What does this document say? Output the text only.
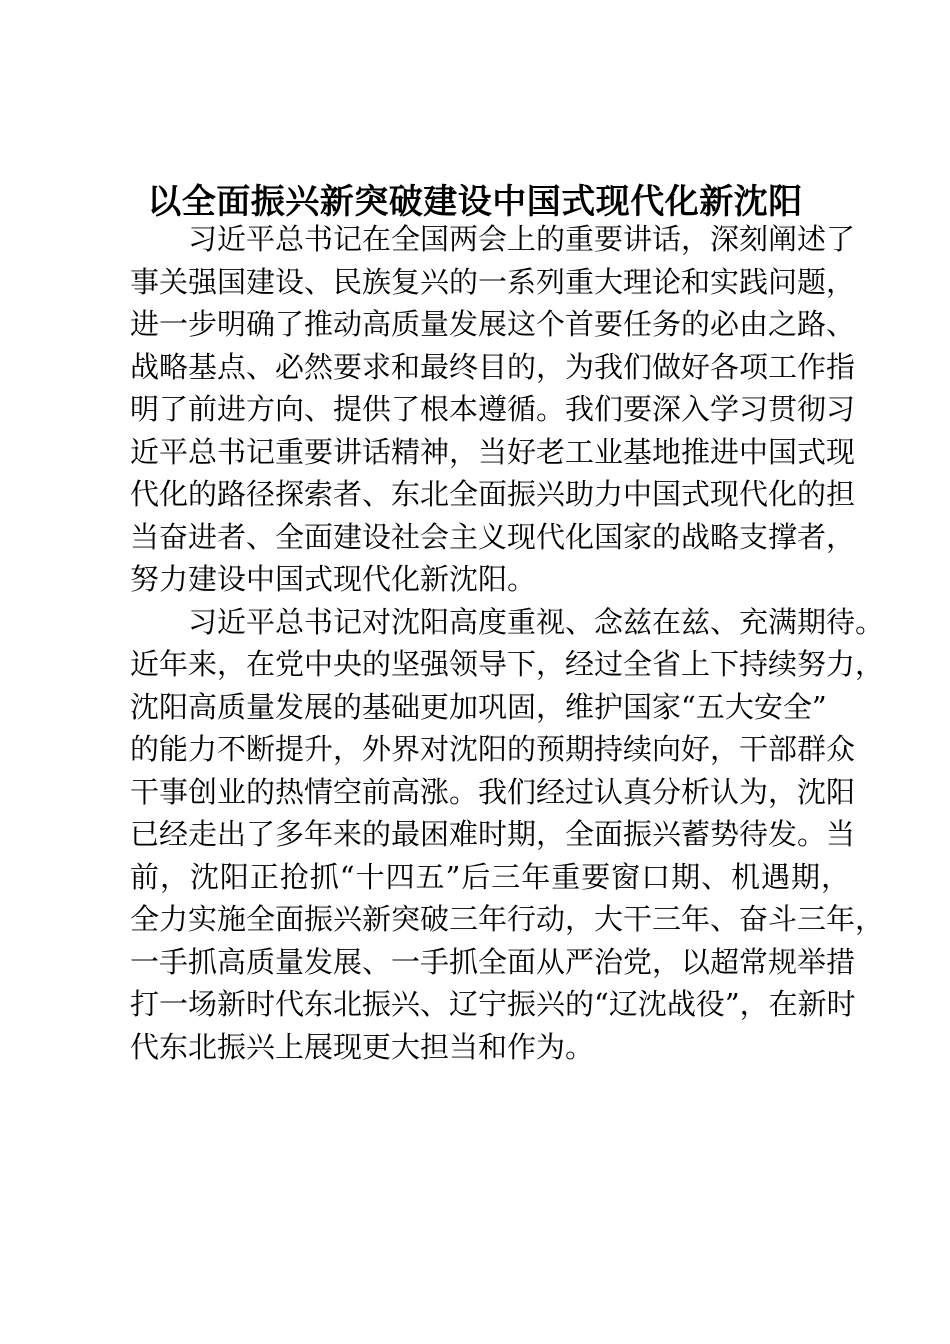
以全面振兴新突破建设中国式现代化新沈阳

习近平总书记在全国两会上的重要讲话，深刻阐述了
事关强国建设、民族复兴的一系列重大理论和实践问题，
进一步明确了推动高质量发展这个首要任务的必由之路、
战略基点、必然要求和最终目的，为我们做好各项工作指
明了前进方向、提供了根本遵循。我们要深入学习贯彻习
近平总书记重要讲话精神，当好老工业基地推进中国式现
代化的路径探索者、东北全面振兴助力中国式现代化的担
当奋进者、全面建设社会主义现代化国家的战略支撑者，
努力建设中国式现代化新沈阳。

习近平总书记对沈阳高度重视、念兹在兹、充满期待。
近年来，在党中央的坚强领导下，经过全省上下持续努力，
沈阳高质量发展的基础更加巩固，维护国家“五大安全”
的能力不断提升，外界对沈阳的预期持续向好，干部群众
干事创业的热情空前高涨。我们经过认真分析认为，沈阳
已经走出了多年来的最困难时期，全面振兴蓄势待发。当
前，沈阳正抢抓“十四五”后三年重要窗口期、机遇期，
全力实施全面振兴新突破三年行动，大干三年、奋斗三年，
一手抓高质量发展、一手抓全面从严治党，以超常规举措
打一场新时代东北振兴、辽宁振兴的“辽沈战役”，在新时
代东北振兴上展现更大担当和作为。
